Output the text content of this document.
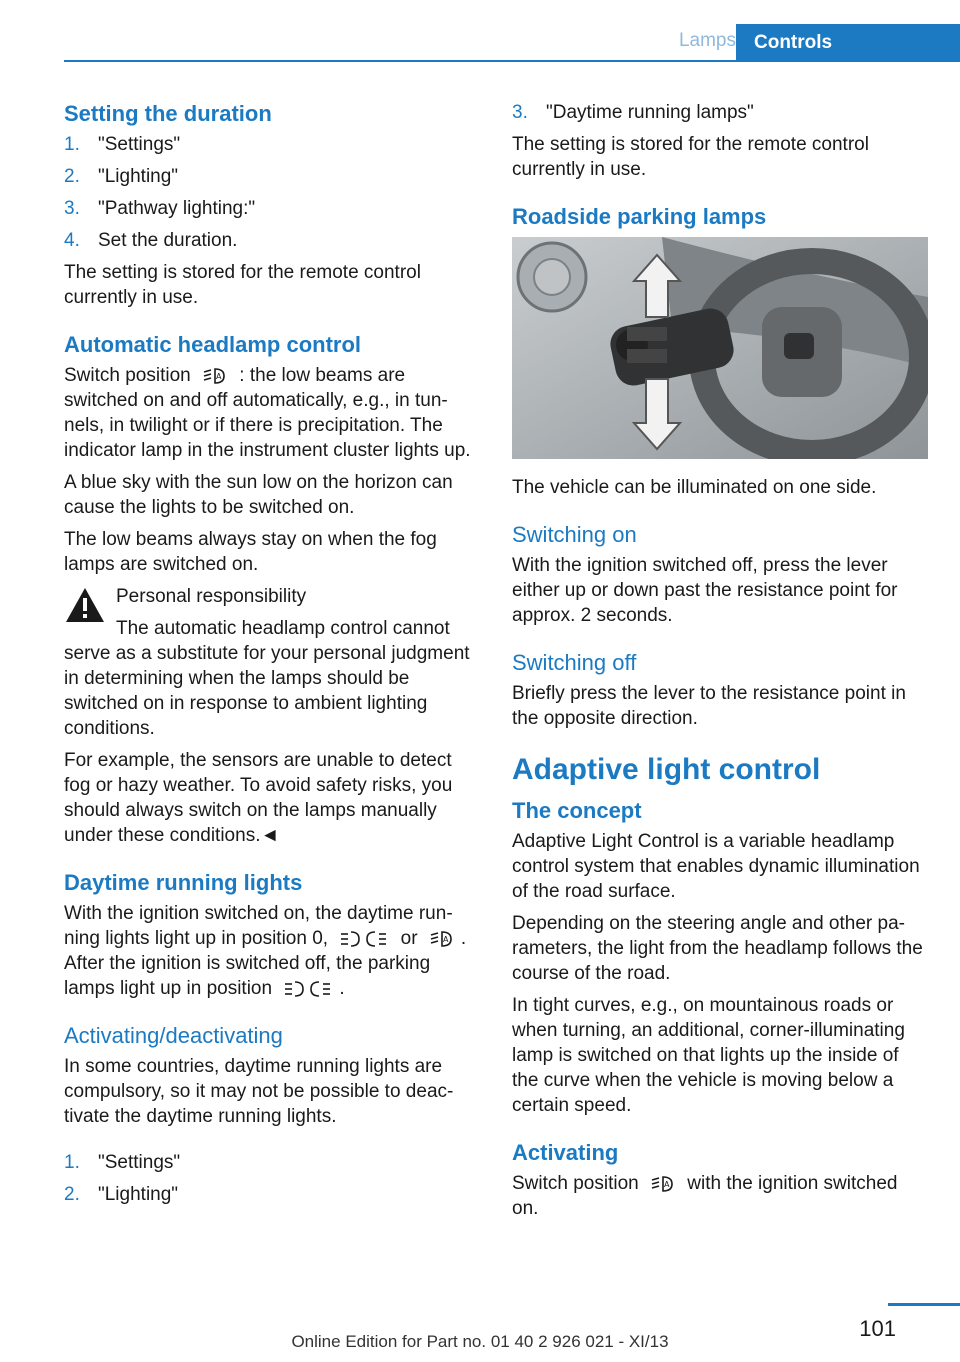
Lamps Controls
Setting the duration
1. "Settings"
2. "Lighting"
3. "Pathway lighting:"
4. Set the duration.

The setting is stored for the remote control currently in use.

Automatic headlamp control

Switch position	A : the low beams are switched on and off automatically, e.g., in tunnels, in twilight or if there is precipitation. The indicator lamp in the instrument cluster lights up.

A blue sky with the sun low on the horizon can cause the lights to be switched on.

The low beams always stay on when the fog lamps are switched on.

Personal responsibility

The automatic headlamp control cannot serve as a substitute for your personal judgment in determining when the lamps should be switched on in response to ambient lighting conditions.

For example, the sensors are unable to detect fog or hazy weather. To avoid safety risks, you should always switch on the lamps manually under these conditions.◄

Daytime running lights

With the ignition switched on, the daytime running lights light up in position 0,	or	A . After the ignition is switched off, the parking lamps light up in position	.

Activating/deactivating

In some countries, daytime running lights are compulsory, so it may not be possible to deactivate the daytime running lights.

1. "Settings"
2. "Lighting"
3. "Daytime running lamps"

The setting is stored for the remote control currently in use.

Roadside parking lamps

The vehicle can be illuminated on one side.

Switching on

With the ignition switched off, press the lever either up or down past the resistance point for approx. 2 seconds.

Switching off

Briefly press the lever to the resistance point in the opposite direction.

Adaptive light control
The concept

Adaptive Light Control is a variable headlamp control system that enables dynamic illumination of the road surface.

Depending on the steering angle and other parameters, the light from the headlamp follows the course of the road.

In tight curves, e.g., on mountainous roads or when turning, an additional, corner-illuminating lamp is switched on that lights up the inside of the curve when the vehicle is moving below a certain speed.

Activating

Switch position	A with the ignition switched on.

101
Online Edition for Part no. 01 40 2 926 021 - XI/13
